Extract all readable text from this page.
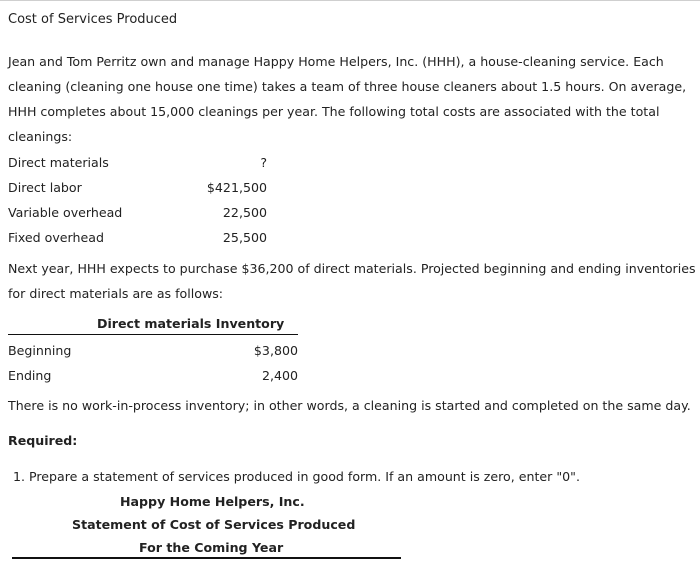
Cost of Services Produced
Jean and Tom Perritz own and manage Happy Home Helpers, Inc. (HHH), a house-cleaning service. Each
cleaning (cleaning one house one time) takes a team of three house cleaners about 1.5 hours. On average,
HHH completes about 15,000 cleanings per year. The following total costs are associated with the total
cleanings:
Direct materials	?
Direct labor	$421,500
Variable overhead	22,500
Fixed overhead	25,500
Next year, HHH expects to purchase $36,200 of direct materials. Projected beginning and ending inventories
for direct materials are as follows:
Direct materials Inventory
Beginning	$3,800
Ending	2,400
There is no work-in-process inventory; in other words, a cleaning is started and completed on the same day.
Required:
1. Prepare a statement of services produced in good form. If an amount is zero, enter "0".
Happy Home Helpers, Inc.
Statement of Cost of Services Produced
For the Coming Year
